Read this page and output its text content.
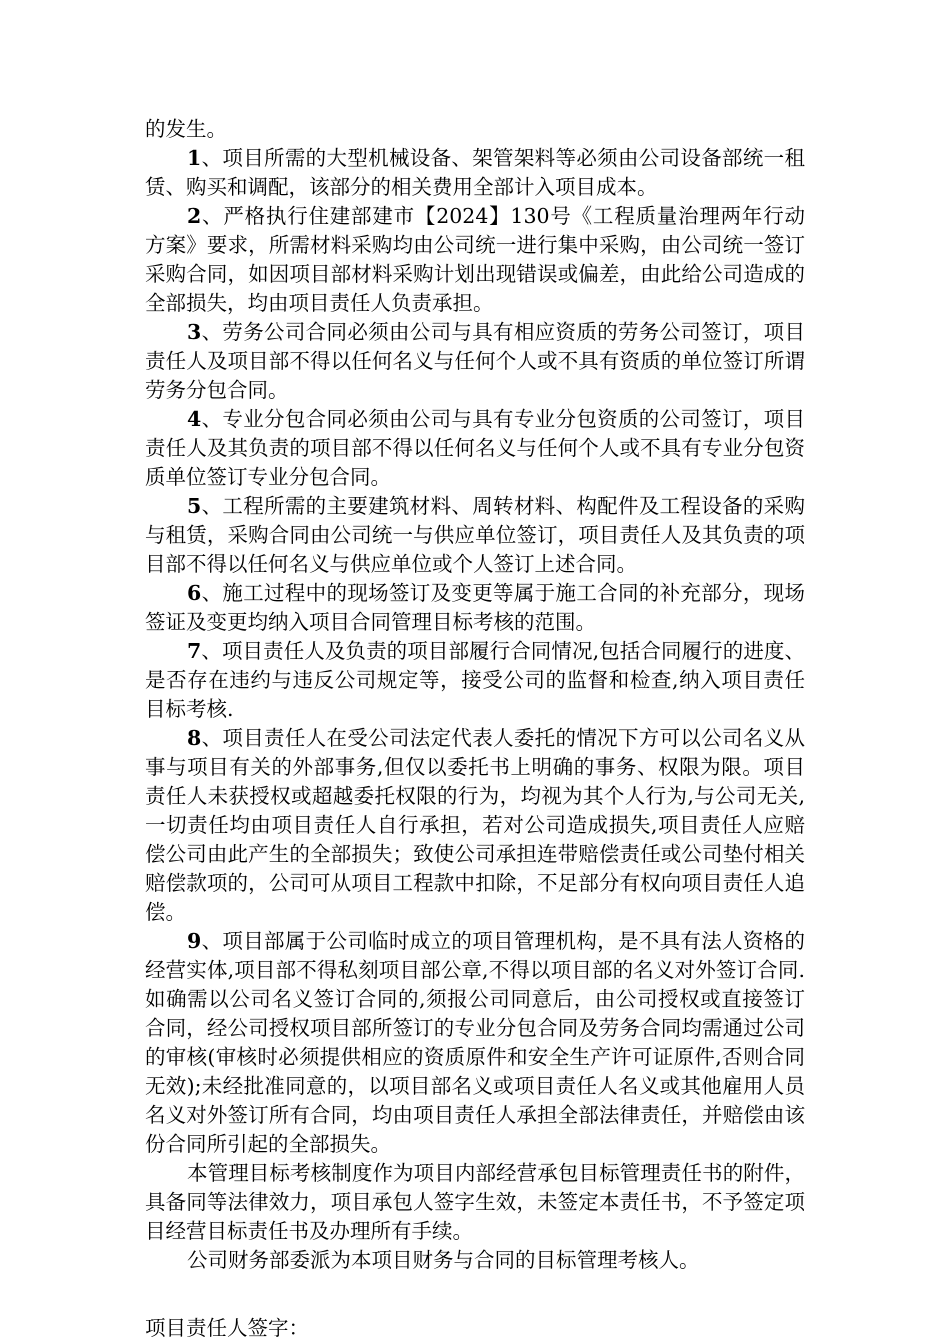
的发生。

1、项目所需的大型机械设备、架管架料等必须由公司设备部统一租赁、购买和调配，该部分的相关费用全部计入项目成本。

2、严格执行住建部建市【2024】130号《工程质量治理两年行动方案》要求，所需材料采购均由公司统一进行集中采购，由公司统一签订采购合同，如因项目部材料采购计划出现错误或偏差，由此给公司造成的全部损失，均由项目责任人负责承担。

3、劳务公司合同必须由公司与具有相应资质的劳务公司签订，项目责任人及项目部不得以任何名义与任何个人或不具有资质的单位签订所谓劳务分包合同。

4、专业分包合同必须由公司与具有专业分包资质的公司签订，项目责任人及其负责的项目部不得以任何名义与任何个人或不具有专业分包资质单位签订专业分包合同。

5、工程所需的主要建筑材料、周转材料、构配件及工程设备的采购与租赁，采购合同由公司统一与供应单位签订，项目责任人及其负责的项目部不得以任何名义与供应单位或个人签订上述合同。

6、施工过程中的现场签订及变更等属于施工合同的补充部分，现场签证及变更均纳入项目合同管理目标考核的范围。

7、项目责任人及负责的项目部履行合同情况,包括合同履行的进度、是否存在违约与违反公司规定等，接受公司的监督和检查,纳入项目责任目标考核.

8、项目责任人在受公司法定代表人委托的情况下方可以公司名义从事与项目有关的外部事务,但仅以委托书上明确的事务、权限为限。项目责任人未获授权或超越委托权限的行为，均视为其个人行为,与公司无关,一切责任均由项目责任人自行承担，若对公司造成损失,项目责任人应赔偿公司由此产生的全部损失；致使公司承担连带赔偿责任或公司垫付相关赔偿款项的，公司可从项目工程款中扣除，不足部分有权向项目责任人追偿。

9、项目部属于公司临时成立的项目管理机构，是不具有法人资格的经营实体,项目部不得私刻项目部公章,不得以项目部的名义对外签订合同.如确需以公司名义签订合同的,须报公司同意后，由公司授权或直接签订合同，经公司授权项目部所签订的专业分包合同及劳务合同均需通过公司的审核(审核时必须提供相应的资质原件和安全生产许可证原件,否则合同无效);未经批准同意的，以项目部名义或项目责任人名义或其他雇用人员名义对外签订所有合同，均由项目责任人承担全部法律责任，并赔偿由该份合同所引起的全部损失。

本管理目标考核制度作为项目内部经营承包目标管理责任书的附件，具备同等法律效力，项目承包人签字生效，未签定本责任书，不予签定项目经营目标责任书及办理所有手续。

公司财务部委派为本项目财务与合同的目标管理考核人。

项目责任人签字：
